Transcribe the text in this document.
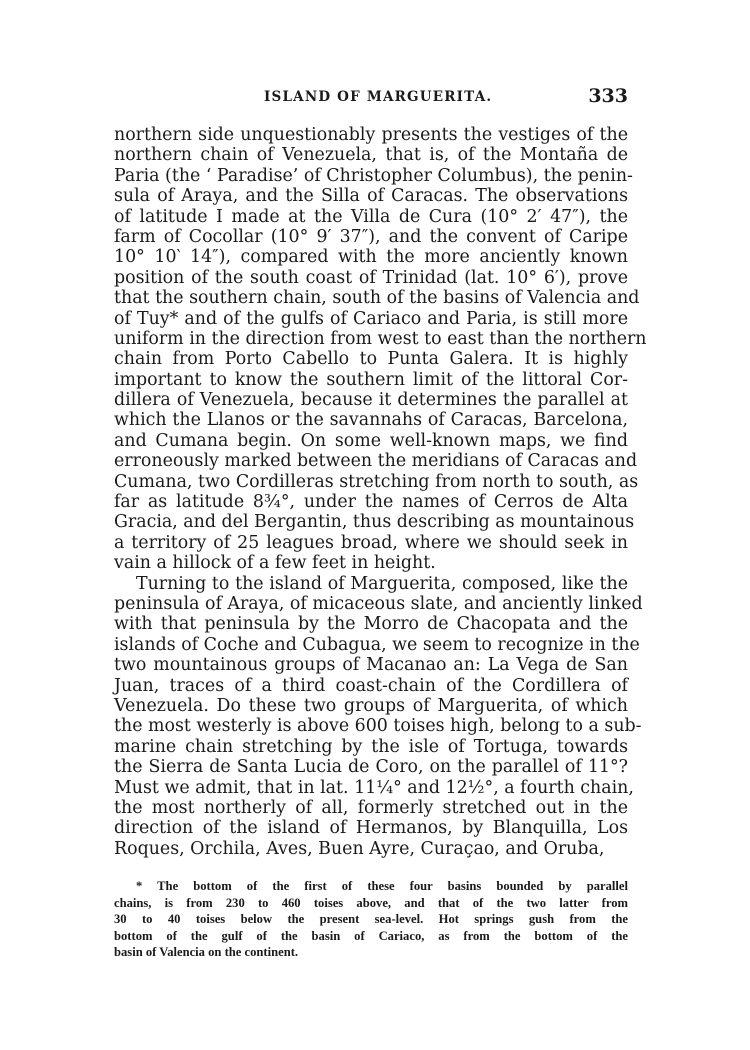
ISLAND OF MARGUERITA.	333
northern side unquestionably presents the vestiges of the
northern chain of Venezuela, that is, of the Montaña de
Paria (the ‘ Paradise’ of Christopher Columbus), the penin-
sula of Araya, and the Silla of Caracas. The observations
of latitude I made at the Villa de Cura (10° 2′ 47″), the
farm of Cocollar (10° 9′ 37″), and the convent of Caripe
10° 10‵ 14″), compared with the more anciently known
position of the south coast of Trinidad (lat. 10° 6′), prove
that the southern chain, south of the basins of Valencia and
of Tuy* and of the gulfs of Cariaco and Paria, is still more
uniform in the direction from west to east than the northern
chain from Porto Cabello to Punta Galera. It is highly
important to know the southern limit of the littoral Cor-
dillera of Venezuela, because it determines the parallel at
which the Llanos or the savannahs of Caracas, Barcelona,
and Cumana begin. On some well-known maps, we find
erroneously marked between the meridians of Caracas and
Cumana, two Cordilleras stretching from north to south, as
far as latitude 8¾°, under the names of Cerros de Alta
Gracia, and del Bergantin, thus describing as mountainous
a territory of 25 leagues broad, where we should seek in
vain a hillock of a few feet in height.
Turning to the island of Marguerita, composed, like the
peninsula of Araya, of micaceous slate, and anciently linked
with that peninsula by the Morro de Chacopata and the
islands of Coche and Cubagua, we seem to recognize in the
two mountainous groups of Macanao an: La Vega de San
Juan, traces of a third coast-chain of the Cordillera of
Venezuela. Do these two groups of Marguerita, of which
the most westerly is above 600 toises high, belong to a sub-
marine chain stretching by the isle of Tortuga, towards
the Sierra de Santa Lucia de Coro, on the parallel of 11°?
Must we admit, that in lat. 11¼° and 12½°, a fourth chain,
the most northerly of all, formerly stretched out in the
direction of the island of Hermanos, by Blanquilla, Los
Roques, Orchila, Aves, Buen Ayre, Curaçao, and Oruba,
* The bottom of the first of these four basins bounded by parallel
chains, is from 230 to 460 toises above, and that of the two latter from
30 to 40 toises below the present sea-level. Hot springs gush from the
bottom of the gulf of the basin of Cariaco, as from the bottom of the
basin of Valencia on the continent.
